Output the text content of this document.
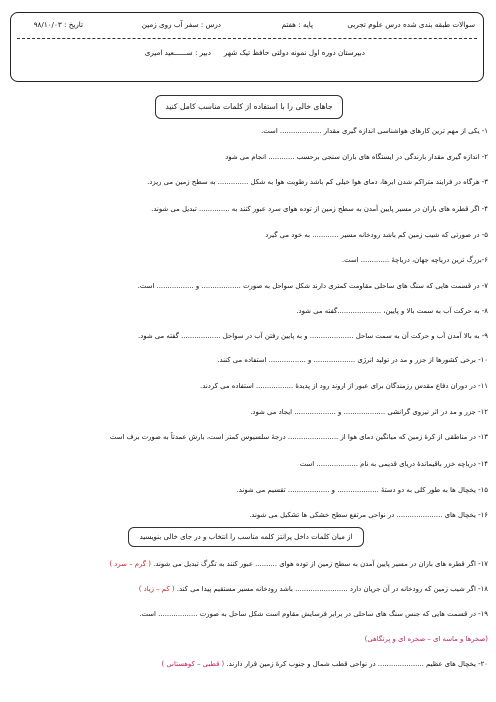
سوالات طبقه بندی شده درس علوم تجربی
پایه : هفتم
درس : سفر آب روی زمین
تاریخ : ۹۸/۱۰/۰۳
دبیرستان دوره اول نمونه دولتی حافظ تیک شهر
دبیر : ســــــعید امیری
جاهای خالی را با استفاده از کلمات مناسب کامل کنید
۱- یکی از مهم ترین کارهای هواشناسی اندازه گیری مقدار ................... است.
۲- اندازه گیری مقدار بارندگی در ایستگاه های باران سنجی برحسب ............ انجام می شود
۳- هرگاه در فرایند متراکم شدن ابرها، دمای هوا خیلی کم باشد رطوبت هوا به شکل .............. به سطح زمین می ریزد.
۴- اگر قطره های باران در مسیر پایین آمدن به سطح زمین از توده هوای سرد عبور کنند به .............. تبدیل می شوند.
۵- در صورتی که شیب زمین کم باشد رودخانه مسیر ............ به خود می گیرد
۶-بزرگ ترین دریاچه جهان، دریاچهٔ ............. است.
۷- در قسمت هایی که سنگ های ساحلی مقاومت کمتری دارند شکل سواحل به صورت .................. و ................. است.
۸- به حرکت آب به سمت بالا و پایین، ....................گفته می شود.
۹- به بالا آمدن آب و حرکت آن به سمت ساحل .................... و به پایین رفتن آب در سواحل .................. گفته می شود.
۱۰- برخی کشورها از جزر و مد در تولید انرژی ................... و ................. استفاده می کنند.
۱۱- در دوران دفاع مقدس رزمندگان برای عبور از اروند رود از پدیدهٔ ................. استفاده می کردند.
۱۲- جزر و مد در اثر نیروی گرانشی ................... و ................... ایجاد می شود.
۱۳- در مناطقی از کرهٔ زمین که میانگین دمای هوا از ....................... درجهٔ سلسیوس کمتر است، بارش عمدتاً به صورت برف است
۱۴- دریاچه خزر باقیماندهٔ دریای قدیمی به نام ................... است
۱۵- یخچال ها به طور کلی به دو دستهٔ ................... و ................... تقسیم می شوند.
۱۶- یخچال های ..................... در نواحی مرتفع سطح خشکی ها تشکیل می شوند.
از میان کلمات داخل پرانتز کلمه مناسب را انتخاب و در جای خالی بنویسید
۱۷- اگر قطره های باران در مسیر پایین آمدن به سطح زمین از توده هوای .......... عبور کنند به تگرگ تبدیل می شوند. ( گرم – سرد )
۱۸- اگر شیب زمین که رودخانه در آن جریان دارد ........................ باشد رودخانه مسیر مستقیم پیدا می کند. ( کم – زیاد )
۱۹- در قسمت هایی که جنس سنگ های ساحلی در برابر فرسایش مقاوم است شکل ساحل به صورت .................. است.
(صخرها و ماسه ای – صخره ای و پرتگاهی)
۲۰- یخچال های عظیم ..................... در نواحی قطب شمال و جنوب کرهٔ زمین قرار دارند. ( قطبی – کوهستانی )
